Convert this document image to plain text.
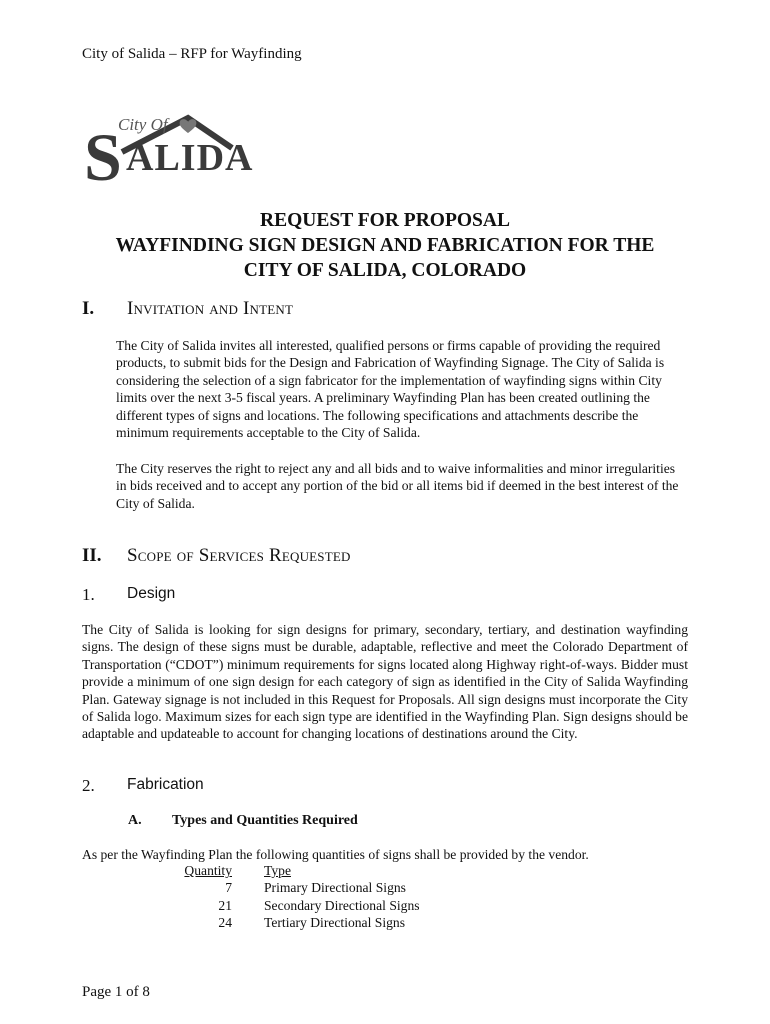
City of Salida – RFP for Wayfinding
City Of
S ALIDA
REQUEST FOR PROPOSAL
WAYFINDING SIGN DESIGN AND FABRICATION FOR THE
CITY OF SALIDA, COLORADO
I.	Invitation and Intent

The City of Salida invites all interested, qualified persons or firms capable of providing the required products, to submit bids for the Design and Fabrication of Wayfinding Signage. The City of Salida is considering the selection of a sign fabricator for the implementation of wayfinding signs within City limits over the next 3-5 fiscal years. A preliminary Wayfinding Plan has been created outlining the different types of signs and locations. The following specifications and attachments describe the minimum requirements acceptable to the City of Salida.

The City reserves the right to reject any and all bids and to waive informalities and minor irregularities in bids received and to accept any portion of the bid or all items bid if deemed in the best interest of the City of Salida.

II.	Scope of Services Requested
1.	Design

The City of Salida is looking for sign designs for primary, secondary, tertiary, and destination wayfinding signs. The design of these signs must be durable, adaptable, reflective and meet the Colorado Department of Transportation (“CDOT”) minimum requirements for signs located along Highway right-of-ways. Bidder must provide a minimum of one sign design for each category of sign as identified in the City of Salida Wayfinding Plan. Gateway signage is not included in this Request for Proposals. All sign designs must incorporate the City of Salida logo. Maximum sizes for each sign type are identified in the Wayfinding Plan. Sign designs should be adaptable and updateable to account for changing locations of destinations around the City.

2.	Fabrication
A.	Types and Quantities Required

As per the Wayfinding Plan the following quantities of signs shall be provided by the vendor.

Quantity	Type
7	Primary Directional Signs
21	Secondary Directional Signs
24	Tertiary Directional Signs
Page 1 of 8
